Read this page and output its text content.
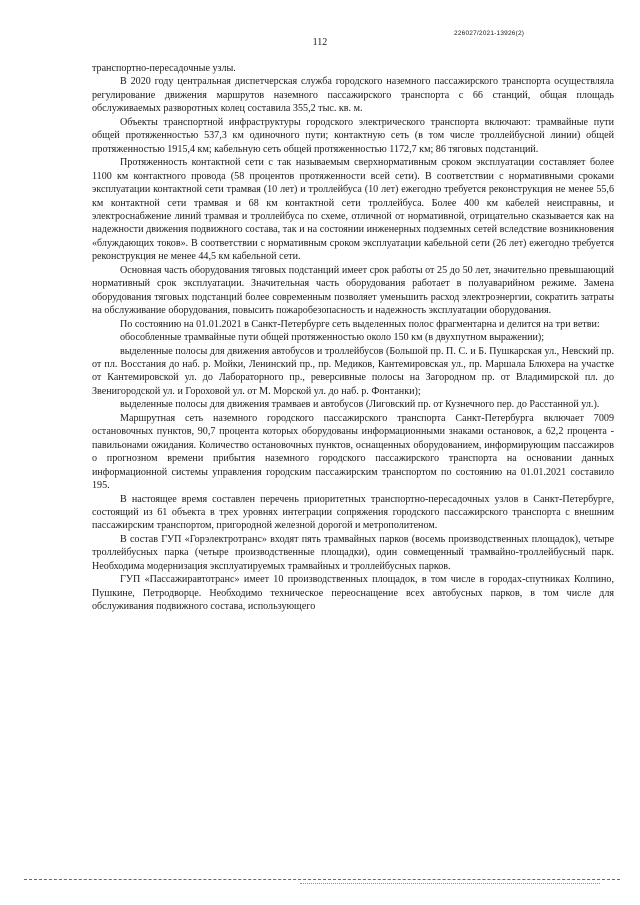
226027/2021-13926(2)
112

транспортно-пересадочные узлы.

В 2020 году центральная диспетчерская служба городского наземного пассажирского транспорта осуществляла регулирование движения маршрутов наземного пассажирского транспорта с 66 станций, общая площадь обслуживаемых разворотных колец составила 355,2 тыс. кв. м.

Объекты транспортной инфраструктуры городского электрического транспорта включают: трамвайные пути общей протяженностью 537,3 км одиночного пути; контактную сеть (в том числе троллейбусной линии) общей протяженностью 1915,4 км; кабельную сеть общей протяженностью 1172,7 км; 86 тяговых подстанций.

Протяженность контактной сети с так называемым сверхнормативным сроком эксплуатации составляет более 1100 км контактного провода (58 процентов протяженности всей сети). В соответствии с нормативными сроками эксплуатации контактной сети трамвая (10 лет) и троллейбуса (10 лет) ежегодно требуется реконструкция не менее 55,6 км контактной сети трамвая и 68 км контактной сети троллейбуса. Более 400 км кабелей неисправны, и электроснабжение линий трамвая и троллейбуса по схеме, отличной от нормативной, отрицательно сказывается как на надежности движения подвижного состава, так и на состоянии инженерных подземных сетей вследствие возникновения «блуждающих токов». В соответствии с нормативным сроком эксплуатации кабельной сети (26 лет) ежегодно требуется реконструкция не менее 44,5 км кабельной сети.

Основная часть оборудования тяговых подстанций имеет срок работы от 25 до 50 лет, значительно превышающий нормативный срок эксплуатации. Значительная часть оборудования работает в полуаварийном режиме. Замена оборудования тяговых подстанций более современным позволяет уменьшить расход электроэнергии, сократить затраты на обслуживание оборудования, повысить пожаробезопасность и надежность эксплуатации оборудования.

По состоянию на 01.01.2021 в Санкт-Петербурге сеть выделенных полос фрагментарна и делится на три ветви:

обособленные трамвайные пути общей протяженностью около 150 км (в двухпутном выражении);

выделенные полосы для движения автобусов и троллейбусов (Большой пр. П. С. и Б. Пушкарская ул., Невский пр. от пл. Восстания до наб. р. Мойки, Ленинский пр., пр. Медиков, Кантемировская ул., пр. Маршала Блюхера на участке от Кантемировской ул. до Лабораторного пр., реверсивные полосы на Загородном пр. от Владимирской пл. до Звенигородской ул. и Гороховой ул. от М. Морской ул. до наб. р. Фонтанки);

выделенные полосы для движения трамваев и автобусов (Лиговский пр. от Кузнечного пер. до Расстанной ул.).

Маршрутная сеть наземного городского пассажирского транспорта Санкт-Петербурга включает 7009 остановочных пунктов, 90,7 процента которых оборудованы информационными знаками остановок, а 62,2 процента - павильонами ожидания. Количество остановочных пунктов, оснащенных оборудованием, информирующим пассажиров о прогнозном времени прибытия наземного городского пассажирского транспорта на основании данных информационной системы управления городским пассажирским транспортом по состоянию на 01.01.2021 составило 195.

В настоящее время составлен перечень приоритетных транспортно-пересадочных узлов в Санкт-Петербурге, состоящий из 61 объекта в трех уровнях интеграции сопряжения городского пассажирского транспорта с внешним пассажирским транспортом, пригородной железной дорогой и метрополитеном.

В состав ГУП «Горэлектротранс» входят пять трамвайных парков (восемь производственных площадок), четыре троллейбусных парка (четыре производственные площадки), один совмещенный трамвайно-троллейбусный парк. Необходима модернизация эксплуатируемых трамвайных и троллейбусных парков.

ГУП «Пассажиравтотранс» имеет 10 производственных площадок, в том числе в городах-спутниках Колпино, Пушкине, Петродворце. Необходимо техническое переоснащение всех автобусных парков, в том числе для обслуживания подвижного состава, использующего
